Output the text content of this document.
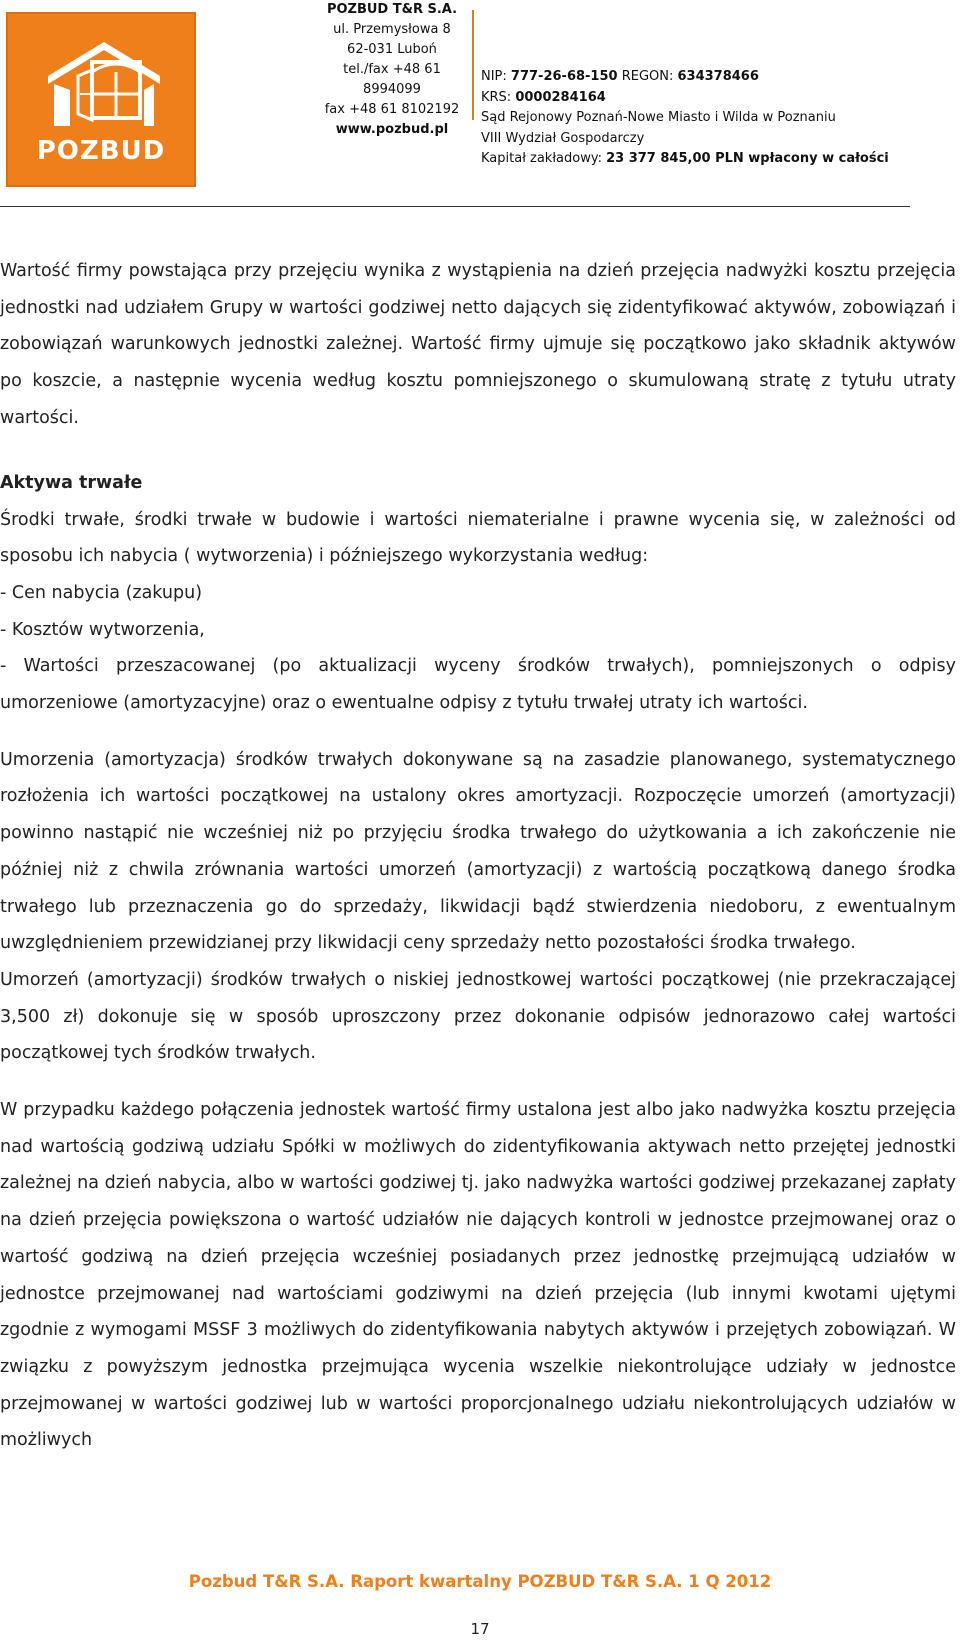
POZBUD
POZBUD T&R S.A.
ul. Przemysłowa 8
62-031 Luboń
tel./fax +48 61 8994099
fax +48 61 8102192
www.pozbud.pl
NIP: 777-26-68-150 REGON: 634378466
KRS: 0000284164
Sąd Rejonowy Poznań-Nowe Miasto i Wilda w Poznaniu
VIII Wydział Gospodarczy
Kapitał zakładowy: 23 377 845,00 PLN wpłacony w całości

Wartość firmy powstająca przy przejęciu wynika z wystąpienia na dzień przejęcia nadwyżki kosztu przejęcia jednostki nad udziałem Grupy w wartości godziwej netto dających się zidentyfikować aktywów, zobowiązań i zobowiązań warunkowych jednostki zależnej. Wartość firmy ujmuje się początkowo jako składnik aktywów po koszcie, a następnie wycenia według kosztu pomniejszonego o skumulowaną stratę z tytułu utraty wartości.

Aktywa trwałe

Środki trwałe, środki trwałe w budowie i wartości niematerialne i prawne wycenia się, w zależności od sposobu ich nabycia ( wytworzenia) i późniejszego wykorzystania według:

- Cen nabycia (zakupu)

- Kosztów wytworzenia,

- Wartości przeszacowanej (po aktualizacji wyceny środków trwałych), pomniejszonych o odpisy umorzeniowe (amortyzacyjne) oraz o ewentualne odpisy z tytułu trwałej utraty ich wartości.

Umorzenia (amortyzacja) środków trwałych dokonywane są na zasadzie planowanego, systematycznego rozłożenia ich wartości początkowej na ustalony okres amortyzacji. Rozpoczęcie umorzeń (amortyzacji) powinno nastąpić nie wcześniej niż po przyjęciu środka trwałego do użytkowania a ich zakończenie nie później niż z chwila zrównania wartości umorzeń (amortyzacji) z wartością początkową danego środka trwałego lub przeznaczenia go do sprzedaży, likwidacji bądź stwierdzenia niedoboru, z ewentualnym uwzględnieniem przewidzianej przy likwidacji ceny sprzedaży netto pozostałości środka trwałego.

Umorzeń (amortyzacji) środków trwałych o niskiej jednostkowej wartości początkowej (nie przekraczającej 3,500 zł) dokonuje się w sposób uproszczony przez dokonanie odpisów jednorazowo całej wartości początkowej tych środków trwałych.

W przypadku każdego połączenia jednostek wartość firmy ustalona jest albo jako nadwyżka kosztu przejęcia nad wartością godziwą udziału Spółki w możliwych do zidentyfikowania aktywach netto przejętej jednostki zależnej na dzień nabycia, albo w wartości godziwej tj. jako nadwyżka wartości godziwej przekazanej zapłaty na dzień przejęcia powiększona o wartość udziałów nie dających kontroli w jednostce przejmowanej oraz o wartość godziwą na dzień przejęcia wcześniej posiadanych przez jednostkę przejmującą udziałów w jednostce przejmowanej nad wartościami godziwymi na dzień przejęcia (lub innymi kwotami ujętymi zgodnie z wymogami MSSF 3 możliwych do zidentyfikowania nabytych aktywów i przejętych zobowiązań. W związku z powyższym jednostka przejmująca wycenia wszelkie niekontrolujące udziały w jednostce przejmowanej w wartości godziwej lub w wartości proporcjonalnego udziału niekontrolujących udziałów w możliwych

Pozbud T&R S.A. Raport kwartalny POZBUD T&R S.A. 1 Q 2012
17
